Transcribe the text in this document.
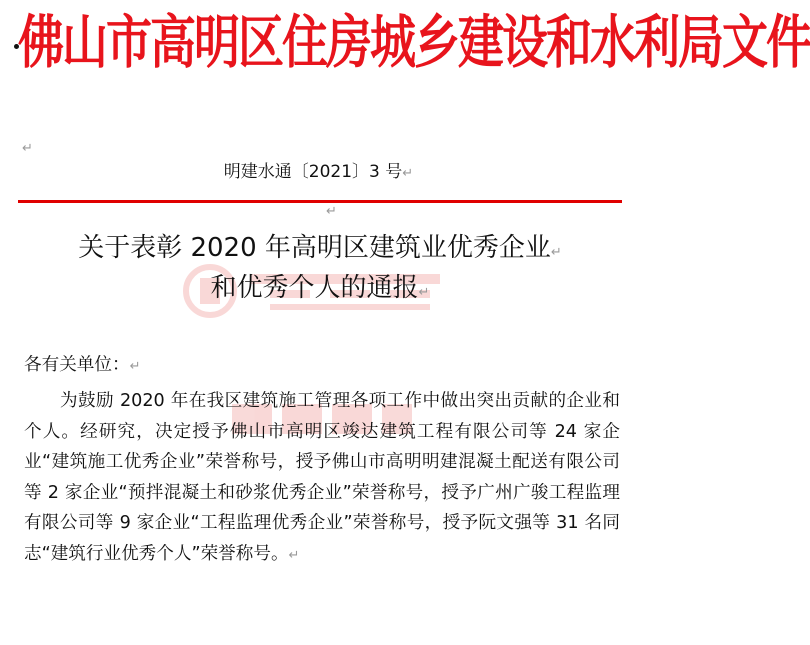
佛山市高明区住房城乡建设和水利局文件
↵
明建水通〔2021〕3 号↵
↵
关于表彰 2020 年高明区建筑业优秀企业↵
和优秀个人的通报↵
各有关单位：↵
为鼓励 2020 年在我区建筑施工管理各项工作中做出突出贡献的企业和个人。经研究，决定授予佛山市高明区竣达建筑工程有限公司等 24 家企业“建筑施工优秀企业”荣誉称号，授予佛山市高明明建混凝土配送有限公司等 2 家企业“预拌混凝土和砂浆优秀企业”荣誉称号，授予广州广骏工程监理有限公司等 9 家企业“工程监理优秀企业”荣誉称号，授予阮文强等 31 名同志“建筑行业优秀个人”荣誉称号。↵
